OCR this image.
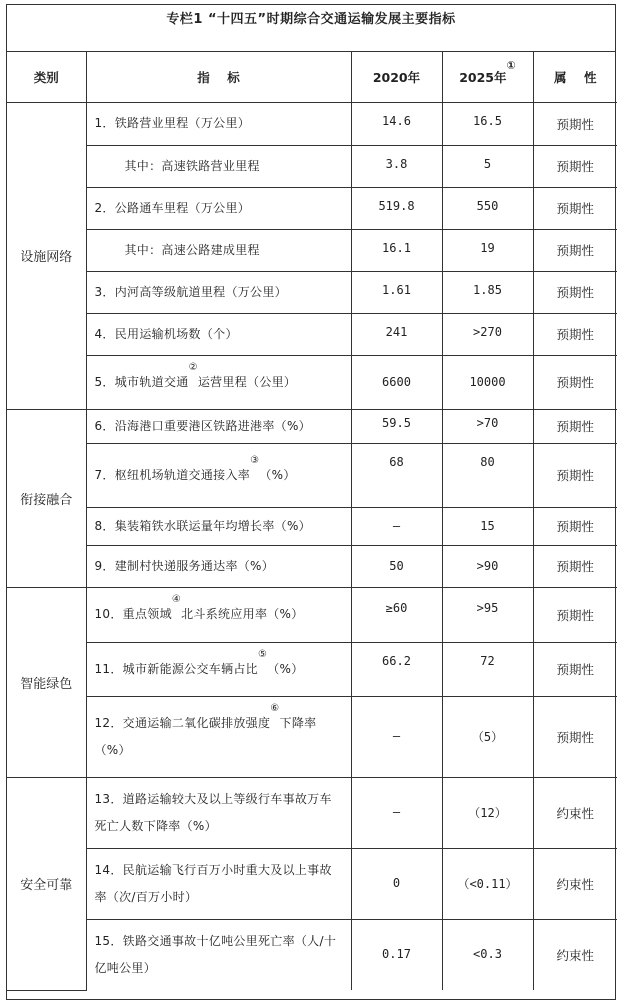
专栏1 “十四五”时期综合交通运输发展主要指标
类别	指    标	2020年	2025年①	属    性
设施网络	1．铁路营业里程（万公里）	14.6	16.5	预期性
	其中：高速铁路营业里程	3.8	5	预期性
	2．公路通车里程（万公里）	519.8	550	预期性
	其中：高速公路建成里程	16.1	19	预期性
	3．内河高等级航道里程（万公里）	1.61	1.85	预期性
	4．民用运输机场数（个）	241	>270	预期性
	5．城市轨道交通②运营里程（公里）	6600	10000	预期性
衔接融合	6．沿海港口重要港区铁路进港率（%）	59.5	>70	预期性
	7．枢纽机场轨道交通接入率③（%）	68	80	预期性
	8．集装箱铁水联运量年均增长率（%）	—	15	预期性
	9．建制村快递服务通达率（%）	50	>90	预期性
智能绿色	10．重点领域④北斗系统应用率（%）	≥60	>95	预期性
	11．城市新能源公交车辆占比⑤（%）	66.2	72	预期性
	12．交通运输二氧化碳排放强度⑥下降率（%）	—	（5）	预期性
安全可靠	13．道路运输较大及以上等级行车事故万车死亡人数下降率（%）	—	（12）	约束性
	14．民航运输飞行百万小时重大及以上事故率（次/百万小时）	0	（<0.11）	约束性
	15．铁路交通事故十亿吨公里死亡率（人/十亿吨公里）	0.17	<0.3	约束性
